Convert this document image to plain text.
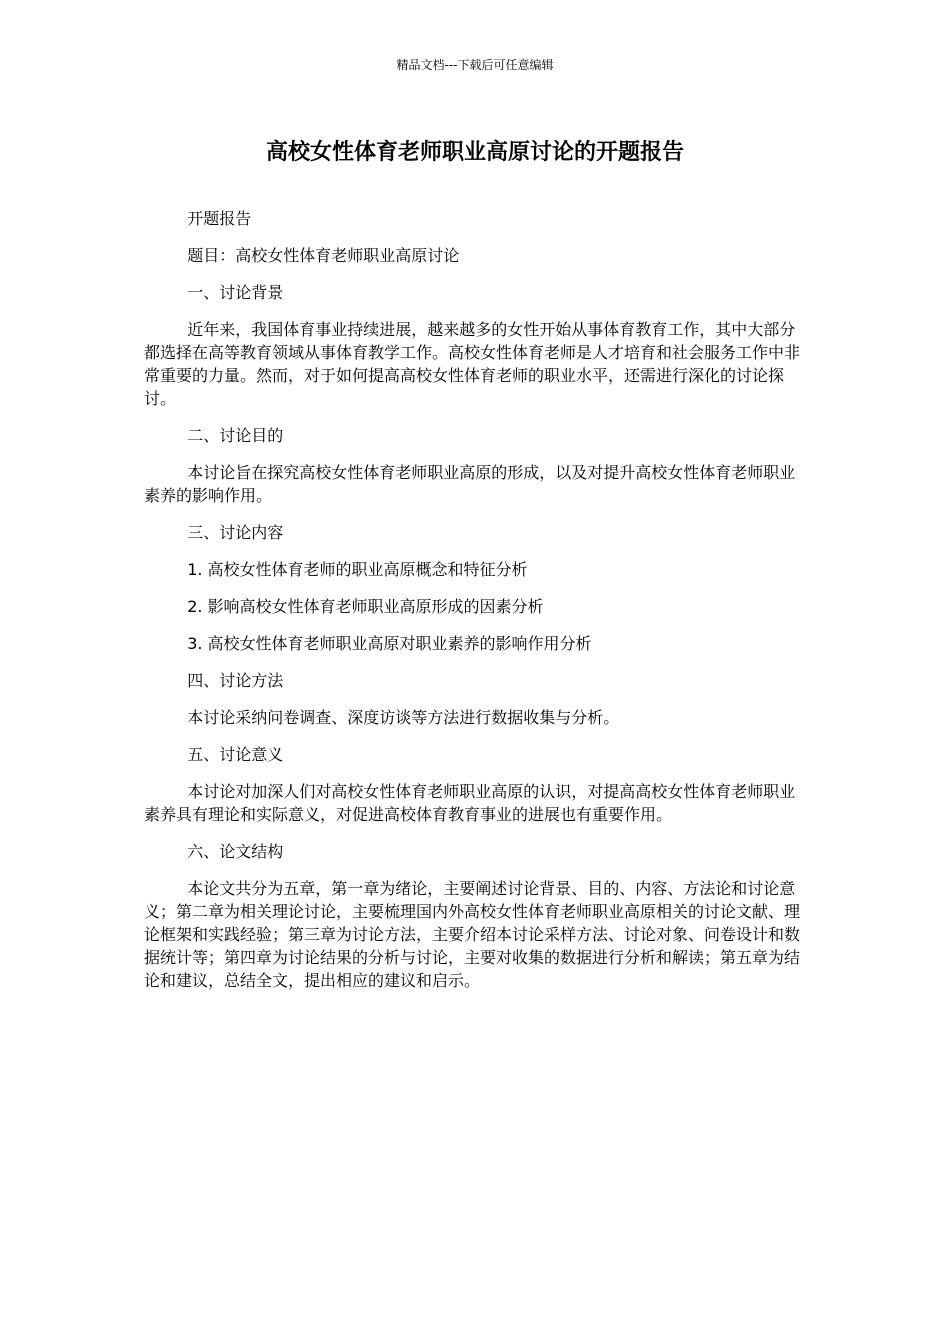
精品文档---下载后可任意编辑
高校女性体育老师职业高原讨论的开题报告

开题报告

题目：高校女性体育老师职业高原讨论

一、讨论背景

近年来，我国体育事业持续进展，越来越多的女性开始从事体育教育工作，其中大部分都选择在高等教育领域从事体育教学工作。高校女性体育老师是人才培育和社会服务工作中非常重要的力量。然而，对于如何提高高校女性体育老师的职业水平，还需进行深化的讨论探讨。

二、讨论目的

本讨论旨在探究高校女性体育老师职业高原的形成，以及对提升高校女性体育老师职业素养的影响作用。

三、讨论内容

1. 高校女性体育老师的职业高原概念和特征分析

2. 影响高校女性体育老师职业高原形成的因素分析

3. 高校女性体育老师职业高原对职业素养的影响作用分析

四、讨论方法

本讨论采纳问卷调查、深度访谈等方法进行数据收集与分析。

五、讨论意义

本讨论对加深人们对高校女性体育老师职业高原的认识，对提高高校女性体育老师职业素养具有理论和实际意义，对促进高校体育教育事业的进展也有重要作用。

六、论文结构

本论文共分为五章，第一章为绪论，主要阐述讨论背景、目的、内容、方法论和讨论意义；第二章为相关理论讨论，主要梳理国内外高校女性体育老师职业高原相关的讨论文献、理论框架和实践经验；第三章为讨论方法，主要介绍本讨论采样方法、讨论对象、问卷设计和数据统计等；第四章为讨论结果的分析与讨论，主要对收集的数据进行分析和解读；第五章为结论和建议，总结全文，提出相应的建议和启示。
